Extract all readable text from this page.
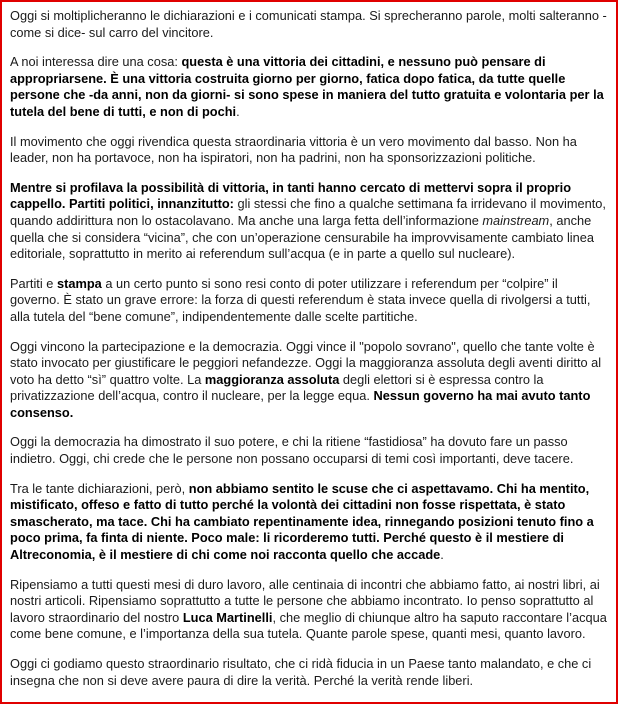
Oggi si moltiplicheranno le dichiarazioni e i comunicati stampa. Si sprecheranno parole, molti salteranno -come si dice- sul carro del vincitore.

A noi interessa dire una cosa: questa è una vittoria dei cittadini, e nessuno può pensare di appropriarsene. È una vittoria costruita giorno per giorno, fatica dopo fatica, da tutte quelle persone che -da anni, non da giorni- si sono spese in maniera del tutto gratuita e volontaria per la tutela del bene di tutti, e non di pochi.

Il movimento che oggi rivendica questa straordinaria vittoria è un vero movimento dal basso. Non ha leader, non ha portavoce, non ha ispiratori, non ha padrini, non ha sponsorizzazioni politiche.

Mentre si profilava la possibilità di vittoria, in tanti hanno cercato di mettervi sopra il proprio cappello. Partiti politici, innanzitutto: gli stessi che fino a qualche settimana fa irridevano il movimento, quando addirittura non lo ostacolavano. Ma anche una larga fetta dell’informazione mainstream, anche quella che si considera “vicina”, che con un’operazione censurabile ha improvvisamente cambiato linea editoriale, soprattutto in merito ai referendum sull’acqua (e in parte a quello sul nucleare).

Partiti e stampa a un certo punto si sono resi conto di poter utilizzare i referendum per “colpire” il governo. È stato un grave errore: la forza di questi referendum è stata invece quella di rivolgersi a tutti, alla tutela del “bene comune”, indipendentemente dalle scelte partitiche.

Oggi vincono la partecipazione e la democrazia. Oggi vince il "popolo sovrano", quello che tante volte è stato invocato per giustificare le peggiori nefandezze. Oggi la maggioranza assoluta degli aventi diritto al voto ha detto “sì” quattro volte. La maggioranza assoluta degli elettori si è espressa contro la privatizzazione dell’acqua, contro il nucleare, per la legge equa. Nessun governo ha mai avuto tanto consenso.

Oggi la democrazia ha dimostrato il suo potere, e chi la ritiene “fastidiosa” ha dovuto fare un passo indietro. Oggi, chi crede che le persone non possano occuparsi di temi così importanti, deve tacere.

Tra le tante dichiarazioni, però, non abbiamo sentito le scuse che ci aspettavamo. Chi ha mentito, mistificato, offeso e fatto di tutto perché la volontà dei cittadini non fosse rispettata, è stato smascherato, ma tace. Chi ha cambiato repentinamente idea, rinnegando posizioni tenuto fino a poco prima, fa finta di niente. Poco male: li ricorderemo tutti. Perché questo è il mestiere di Altreconomia, è il mestiere di chi come noi racconta quello che accade.

Ripensiamo a tutti questi mesi di duro lavoro, alle centinaia di incontri che abbiamo fatto, ai nostri libri, ai nostri articoli. Ripensiamo soprattutto a tutte le persone che abbiamo incontrato. Io penso soprattutto al lavoro straordinario del nostro Luca Martinelli, che meglio di chiunque altro ha saputo raccontare l’acqua come bene comune, e l’importanza della sua tutela. Quante parole spese, quanti mesi, quanto lavoro.

Oggi ci godiamo questo straordinario risultato, che ci ridà fiducia in un Paese tanto malandato, e che ci insegna che non si deve avere paura di dire la verità. Perché la verità rende liberi.
